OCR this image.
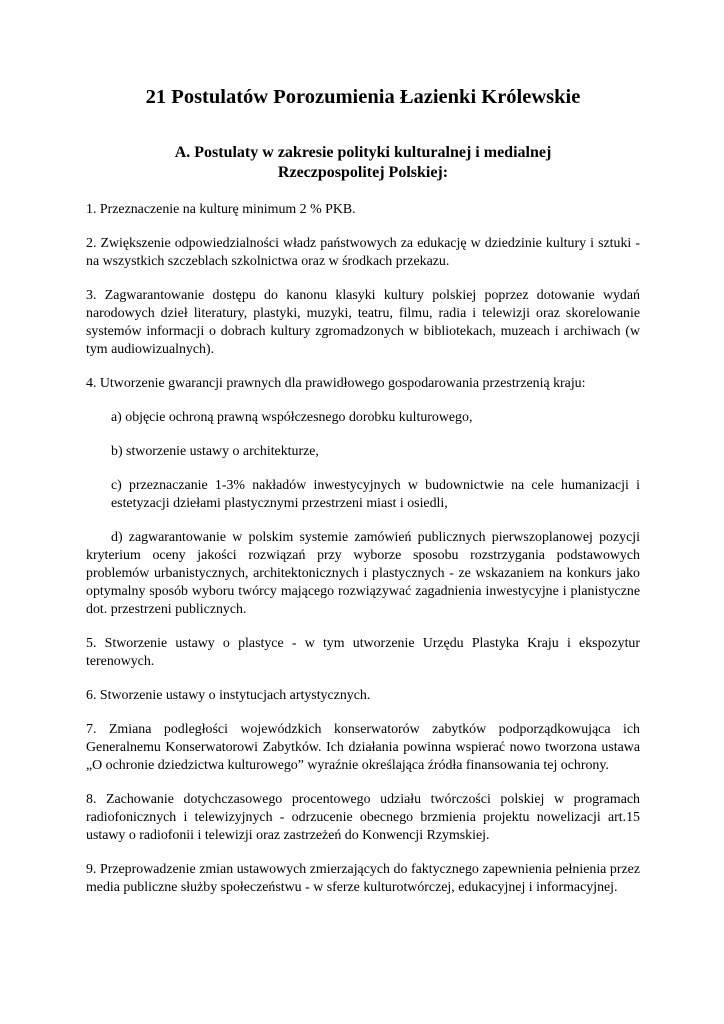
21 Postulatów Porozumienia Łazienki Królewskie
A. Postulaty w zakresie polityki kulturalnej i medialnej
Rzeczpospolitej Polskiej:
1. Przeznaczenie na kulturę minimum 2 % PKB.
2. Zwiększenie odpowiedzialności władz państwowych za edukację w dziedzinie kultury i sztuki - na wszystkich szczeblach szkolnictwa oraz w środkach przekazu.
3. Zagwarantowanie dostępu do kanonu klasyki kultury polskiej poprzez dotowanie wydań narodowych dzieł literatury, plastyki, muzyki, teatru, filmu, radia i telewizji oraz skorelowanie systemów informacji o dobrach kultury zgromadzonych w bibliotekach, muzeach i archiwach (w tym audiowizualnych).
4. Utworzenie gwarancji prawnych dla prawidłowego gospodarowania przestrzenią kraju:
a) objęcie ochroną prawną współczesnego dorobku kulturowego,
b) stworzenie ustawy o architekturze,
c) przeznaczanie 1-3% nakładów inwestycyjnych w budownictwie na cele humanizacji i estetyzacji dziełami plastycznymi przestrzeni miast i osiedli,
d) zagwarantowanie w polskim systemie zamówień publicznych pierwszoplanowej pozycji kryterium oceny jakości rozwiązań przy wyborze sposobu rozstrzygania podstawowych problemów urbanistycznych, architektonicznych i plastycznych - ze wskazaniem na konkurs jako optymalny sposób wyboru twórcy mającego rozwiązywać zagadnienia inwestycyjne i planistyczne dot. przestrzeni publicznych.
5. Stworzenie ustawy o plastyce - w tym utworzenie Urzędu Plastyka Kraju i ekspozytur terenowych.
6. Stworzenie ustawy o instytucjach artystycznych.
7. Zmiana podległości wojewódzkich konserwatorów zabytków podporządkowująca ich Generalnemu Konserwatorowi Zabytków. Ich działania powinna wspierać nowo tworzona ustawa „O ochronie dziedzictwa kulturowego” wyraźnie określająca źródła finansowania tej ochrony.
8. Zachowanie dotychczasowego procentowego udziału twórczości polskiej w programach radiofonicznych i telewizyjnych - odrzucenie obecnego brzmienia projektu nowelizacji art.15 ustawy o radiofonii i telewizji oraz zastrzeżeń do Konwencji Rzymskiej.
9. Przeprowadzenie zmian ustawowych zmierzających do faktycznego zapewnienia pełnienia przez media publiczne służby społeczeństwu - w sferze kulturotwórczej, edukacyjnej i informacyjnej.
